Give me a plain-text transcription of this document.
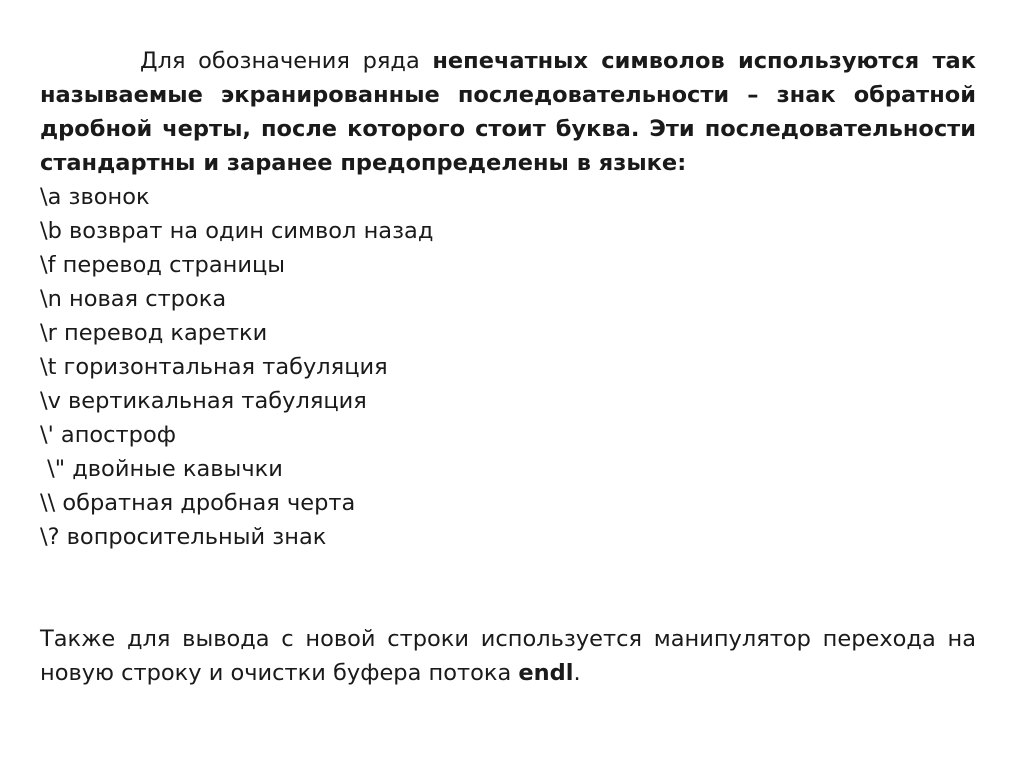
Для обозначения ряда непечатных символов используются так называемые экранированные последовательности – знак обратной дробной черты, после которого стоит буква. Эти последовательности стандартны и заранее предопределены в языке:

\a звонок
\b возврат на один символ назад
\f перевод страницы
\n новая строка
\r перевод каретки
\t горизонтальная табуляция
\v вертикальная табуляция
\' апостроф
\" двойные кавычки
\\ обратная дробная черта
\? вопросительный знак

Также для вывода с новой строки используется манипулятор перехода на новую строку и очистки буфера потока endl.
